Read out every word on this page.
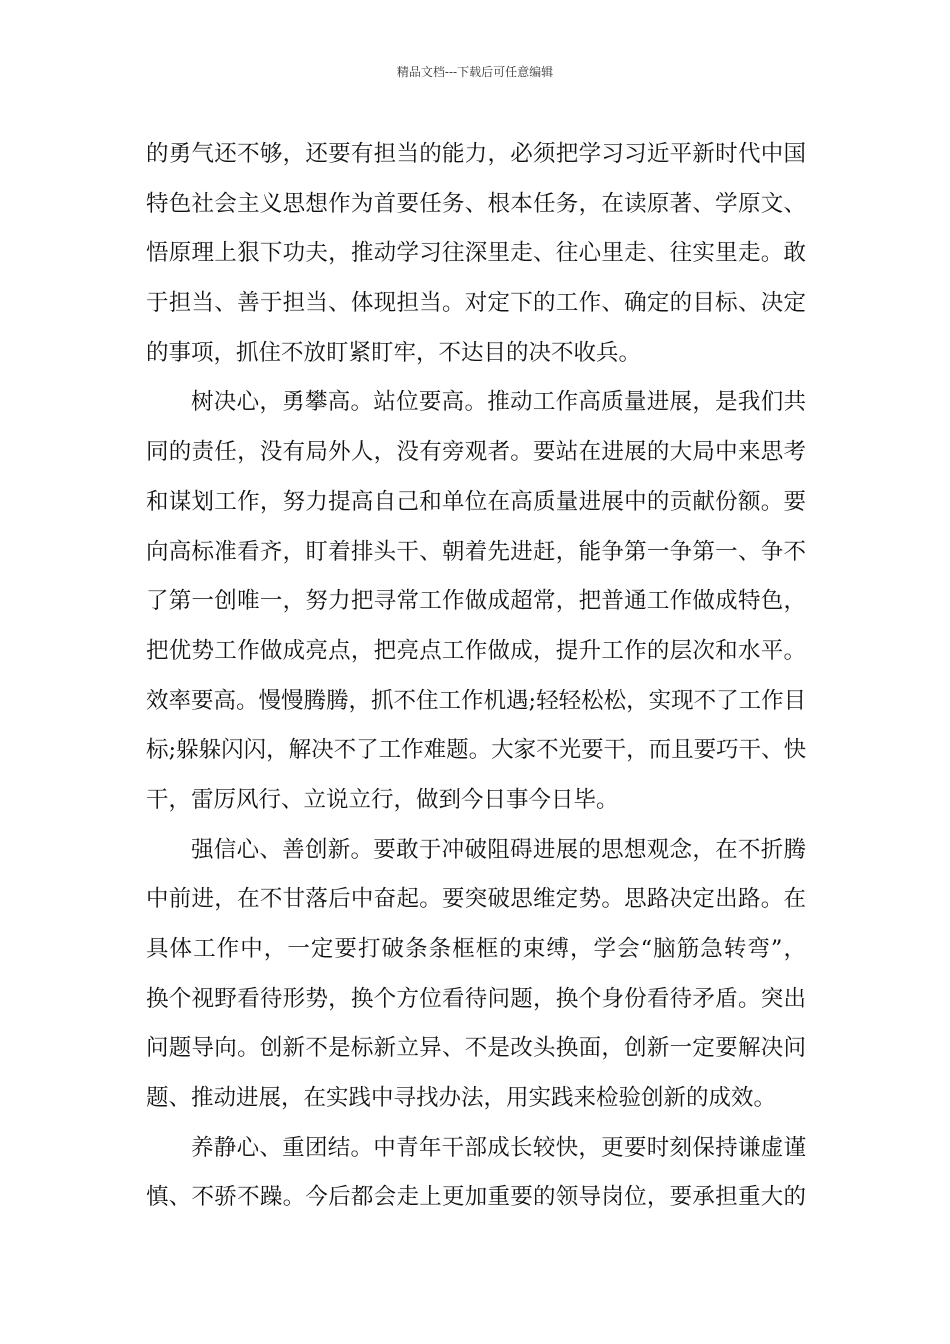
精品文档---下载后可任意编辑
的勇气还不够，还要有担当的能力，必须把学习习近平新时代中国
特色社会主义思想作为首要任务、根本任务，在读原著、学原文、
悟原理上狠下功夫，推动学习往深里走、往心里走、往实里走。敢
于担当、善于担当、体现担当。对定下的工作、确定的目标、决定
的事项，抓住不放盯紧盯牢，不达目的决不收兵。
树决心，勇攀高。站位要高。推动工作高质量进展，是我们共
同的责任，没有局外人，没有旁观者。要站在进展的大局中来思考
和谋划工作，努力提高自己和单位在高质量进展中的贡献份额。要
向高标准看齐，盯着排头干、朝着先进赶，能争第一争第一、争不
了第一创唯一，努力把寻常工作做成超常，把普通工作做成特色，
把优势工作做成亮点，把亮点工作做成，提升工作的层次和水平。
效率要高。慢慢腾腾，抓不住工作机遇;轻轻松松，实现不了工作目
标;躲躲闪闪，解决不了工作难题。大家不光要干，而且要巧干、快
干，雷厉风行、立说立行，做到今日事今日毕。
强信心、善创新。要敢于冲破阻碍进展的思想观念，在不折腾
中前进，在不甘落后中奋起。要突破思维定势。思路决定出路。在
具体工作中，一定要打破条条框框的束缚，学会“脑筋急转弯”，
换个视野看待形势，换个方位看待问题，换个身份看待矛盾。突出
问题导向。创新不是标新立异、不是改头换面，创新一定要解决问
题、推动进展，在实践中寻找办法，用实践来检验创新的成效。
养静心、重团结。中青年干部成长较快，更要时刻保持谦虚谨
慎、不骄不躁。今后都会走上更加重要的领导岗位，要承担重大的
